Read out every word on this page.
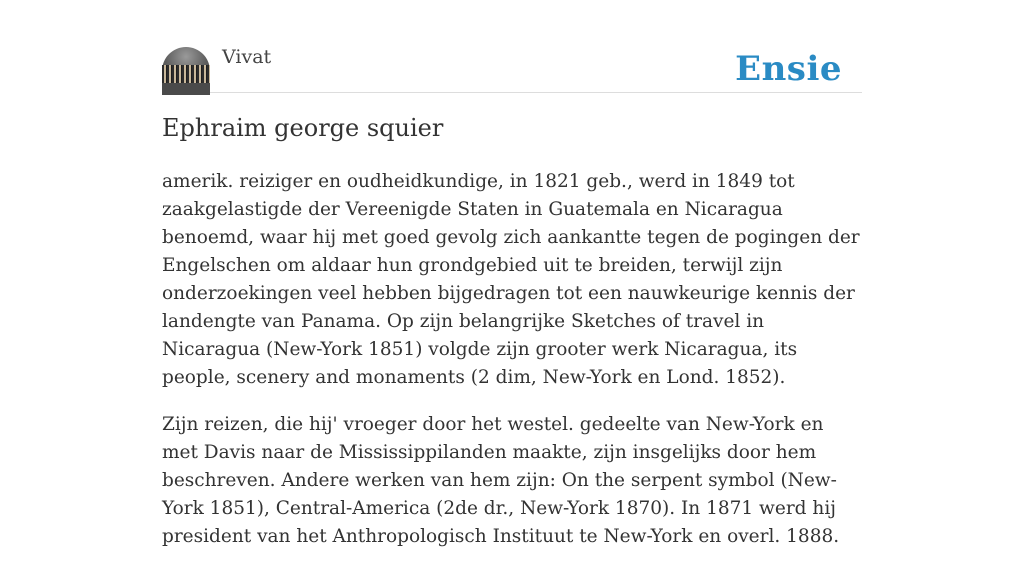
Vivat	Ensie
Ephraim george squier

amerik. reiziger en oudheidkundige, in 1821 geb., werd in 1849 tot zaakgelastigde der Vereenigde Staten in Guatemala en Nicaragua benoemd, waar hij met goed gevolg zich aankantte tegen de pogingen der Engelschen om aldaar hun grondgebied uit te breiden, terwijl zijn onderzoekingen veel hebben bijgedragen tot een nauwkeurige kennis der landengte van Panama. Op zijn belangrijke Sketches of travel in Nicaragua (New-York 1851) volgde zijn grooter werk Nicaragua, its people, scenery and monaments (2 dim, New-York en Lond. 1852).

Zijn reizen, die hij' vroeger door het westel. gedeelte van New-York en met Davis naar de Mississippilanden maakte, zijn insgelijks door hem beschreven. Andere werken van hem zijn: On the serpent symbol (New-York 1851), Central-America (2de dr., New-York 1870). In 1871 werd hij president van het Anthropologisch Instituut te New-York en overl. 1888.
